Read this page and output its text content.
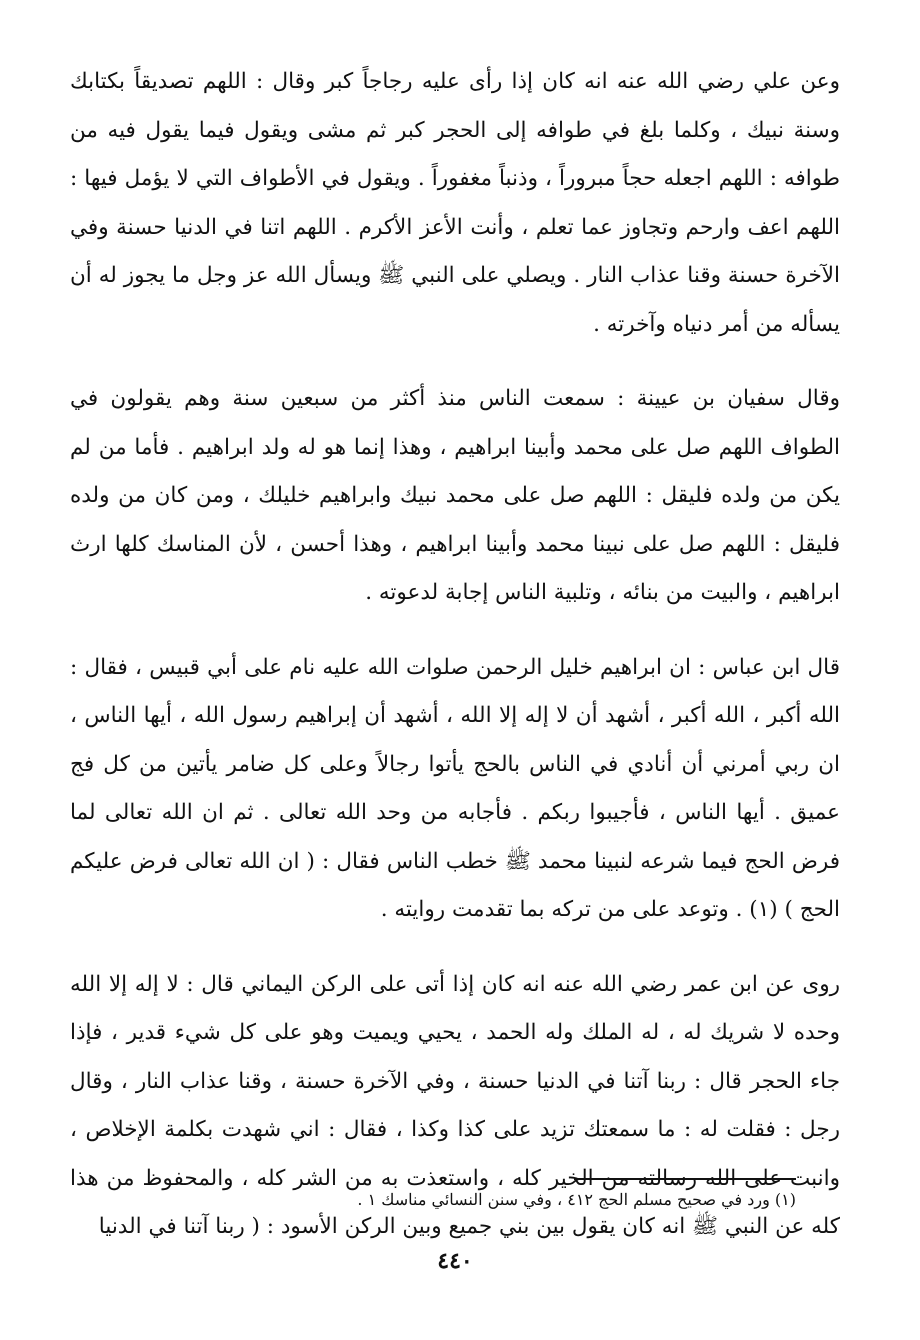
وعن علي رضي الله عنه انه كان إذا رأى عليه رجاجاً كبر وقال : اللهم تصديقاً بكتابك وسنة نبيك ، وكلما بلغ في طوافه إلى الحجر كبر ثم مشى ويقول فيما يقول فيه من طوافه : اللهم اجعله حجاً مبروراً ، وذنباً مغفوراً . ويقول في الأطواف التي لا يؤمل فيها : اللهم اعف وارحم وتجاوز عما تعلم ، وأنت الأعز الأكرم . اللهم اتنا في الدنيا حسنة وفي الآخرة حسنة وقنا عذاب النار . ويصلي على النبي ﷺ ويسأل الله عز وجل ما يجوز له أن يسأله من أمر دنياه وآخرته .

وقال سفيان بن عيينة : سمعت الناس منذ أكثر من سبعين سنة وهم يقولون في الطواف اللهم صل على محمد وأبينا ابراهيم ، وهذا إنما هو له ولد ابراهيم . فأما من لم يكن من ولده فليقل : اللهم صل على محمد نبيك وابراهيم خليلك ، ومن كان من ولده فليقل : اللهم صل على نبينا محمد وأبينا ابراهيم ، وهذا أحسن ، لأن المناسك كلها ارث ابراهيم ، والبيت من بنائه ، وتلبية الناس إجابة لدعوته .

قال ابن عباس : ان ابراهيم خليل الرحمن صلوات الله عليه نام على أبي قبيس ، فقال : الله أكبر ، الله أكبر ، أشهد أن لا إله إلا الله ، أشهد أن إبراهيم رسول الله ، أيها الناس ، ان ربي أمرني أن أنادي في الناس بالحج يأتوا رجالاً وعلى كل ضامر يأتين من كل فج عميق . أيها الناس ، فأجيبوا ربكم . فأجابه من وحد الله تعالى . ثم ان الله تعالى لما فرض الحج فيما شرعه لنبينا محمد ﷺ خطب الناس فقال : ( ان الله تعالى فرض عليكم الحج ) (١) . وتوعد على من تركه بما تقدمت روايته .

روى عن ابن عمر رضي الله عنه انه كان إذا أتى على الركن اليماني قال : لا إله إلا الله وحده لا شريك له ، له الملك وله الحمد ، يحيي ويميت وهو على كل شيء قدير ، فإذا جاء الحجر قال : ربنا آتنا في الدنيا حسنة ، وفي الآخرة حسنة ، وقنا عذاب النار ، وقال رجل : فقلت له : ما سمعتك تزيد على كذا وكذا ، فقال : اني شهدت بكلمة الإخلاص ، وانبت على الله رسالته من الخير كله ، واستعذت به من الشر كله ، والمحفوظ من هذا كله عن النبي ﷺ انه كان يقول بين بني جميع وبين الركن الأسود : ( ربنا آتنا في الدنيا

(١) ورد في صحيح مسلم الحج ٤١٢ ، وفي سنن النسائي مناسك ١ .
٤٤٠
